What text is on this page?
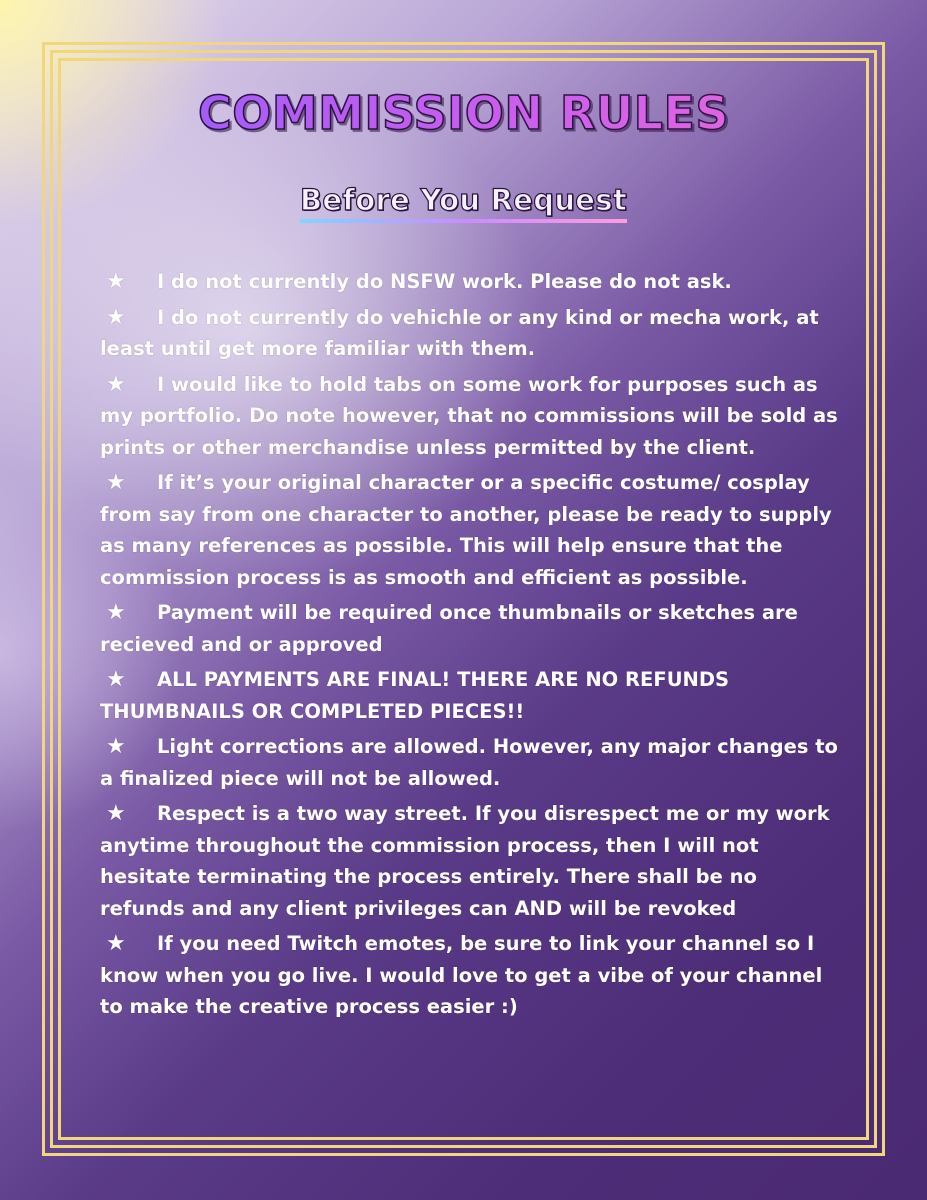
COMMISSION RULES
Before You Request
★ I do not currently do NSFW work. Please do not ask.
★ I do not currently do vehichle or any kind or mecha work, at least until get more familiar with them.
★ I would like to hold tabs on some work for purposes such as my portfolio. Do note however, that no commissions will be sold as prints or other merchandise unless permitted by the client.
★ If it’s your original character or a specific costume/ cosplay from say from one character to another, please be ready to supply as many references as possible. This will help ensure that the commission process is as smooth and efficient as possible.
★ Payment will be required once thumbnails or sketches are recieved and or approved
★ ALL PAYMENTS ARE FINAL! THERE ARE NO REFUNDS THUMBNAILS OR COMPLETED PIECES!!
★ Light corrections are allowed. However, any major changes to a finalized piece will not be allowed.
★ Respect is a two way street. If you disrespect me or my work anytime throughout the commission process, then I will not hesitate terminating the process entirely. There shall be no refunds and any client privileges can AND will be revoked
★ If you need Twitch emotes, be sure to link your channel so I know when you go live. I would love to get a vibe of your channel to make the creative process easier :)
